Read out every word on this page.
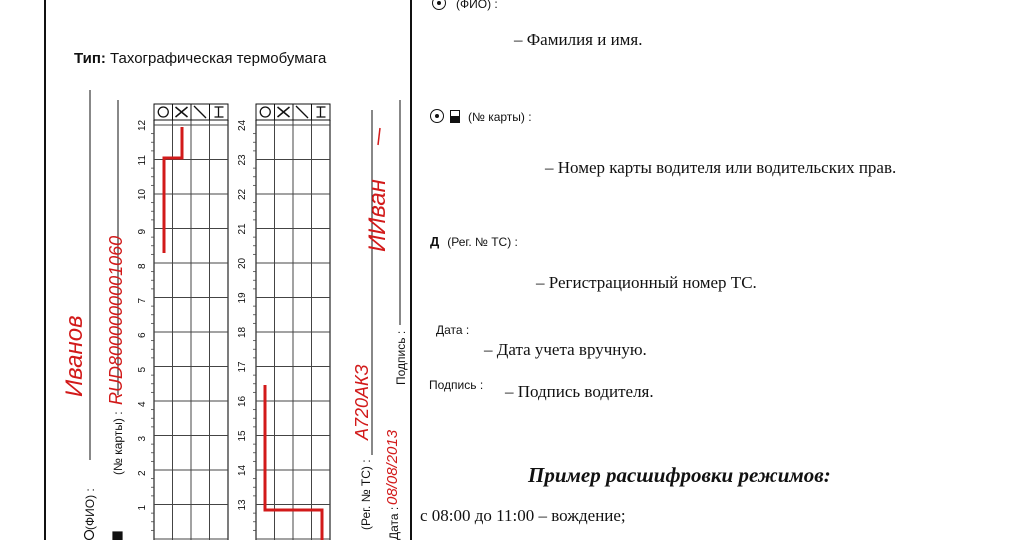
Тип: Тахографическая термобумага
12
11
10
9
8
7
6
5
4
3
2
1
24
23
22
21
20
19
18
17
16
15
14
13
(ФИО) :
(№ карты) :
(Рег. № ТС) : Дата :
Подпись :
Иванов RUD8000000001060
ИИван
А720АКЗ
08/08/2013
(ФИО) :
– Фамилия и имя.

(№ карты) :
– Номер карты водителя или водительских прав.
Д (Рег. № ТС) :
– Регистрационный номер ТС.
Дата :
– Дата учета вручную.
Подпись : – Подпись водителя.
Пример расшифровки режимов:
с 08:00 до 11:00 – вождение;
